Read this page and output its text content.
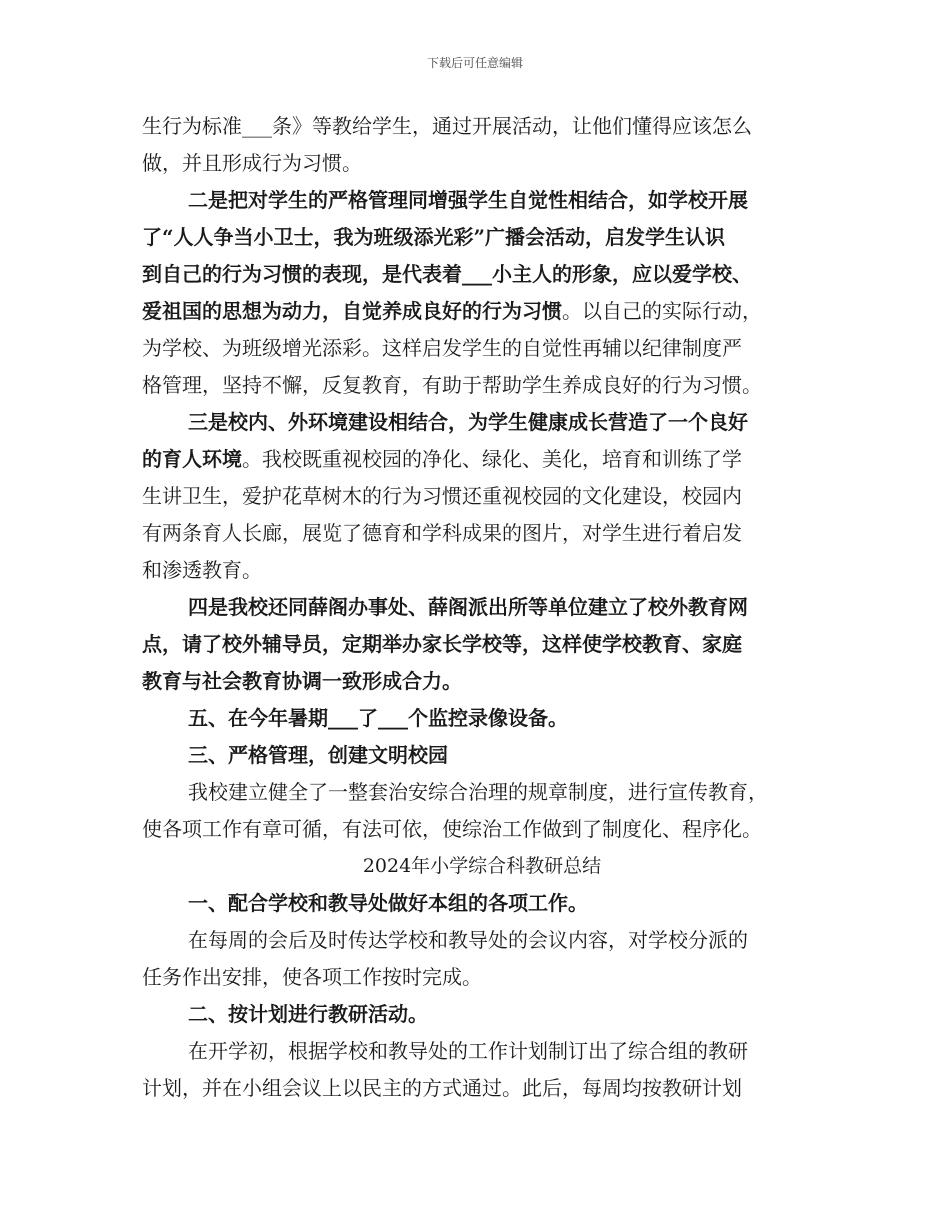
下载后可任意编辑
生行为标准___条》等教给学生，通过开展活动，让他们懂得应该怎么
做，并且形成行为习惯。
二是把对学生的严格管理同增强学生自觉性相结合，如学校开展
了“人人争当小卫士，我为班级添光彩”广播会活动，启发学生认识
到自己的行为习惯的表现，是代表着___小主人的形象，应以爱学校、
爱祖国的思想为动力，自觉养成良好的行为习惯。以自己的实际行动，
为学校、为班级增光添彩。这样启发学生的自觉性再辅以纪律制度严
格管理，坚持不懈，反复教育，有助于帮助学生养成良好的行为习惯。
三是校内、外环境建设相结合，为学生健康成长营造了一个良好
的育人环境。我校既重视校园的净化、绿化、美化，培育和训练了学
生讲卫生，爱护花草树木的行为习惯还重视校园的文化建设，校园内
有两条育人长廊，展览了德育和学科成果的图片，对学生进行着启发
和渗透教育。
四是我校还同薛阁办事处、薛阁派出所等单位建立了校外教育网
点，请了校外辅导员，定期举办家长学校等，这样使学校教育、家庭
教育与社会教育协调一致形成合力。
五、在今年暑期___了___个监控录像设备。
三、严格管理，创建文明校园
我校建立健全了一整套治安综合治理的规章制度，进行宣传教育，
使各项工作有章可循，有法可依，使综治工作做到了制度化、程序化。
2024年小学综合科教研总结
一、配合学校和教导处做好本组的各项工作。
在每周的会后及时传达学校和教导处的会议内容，对学校分派的
任务作出安排，使各项工作按时完成。
二、按计划进行教研活动。
在开学初，根据学校和教导处的工作计划制订出了综合组的教研
计划，并在小组会议上以民主的方式通过。此后，每周均按教研计划
